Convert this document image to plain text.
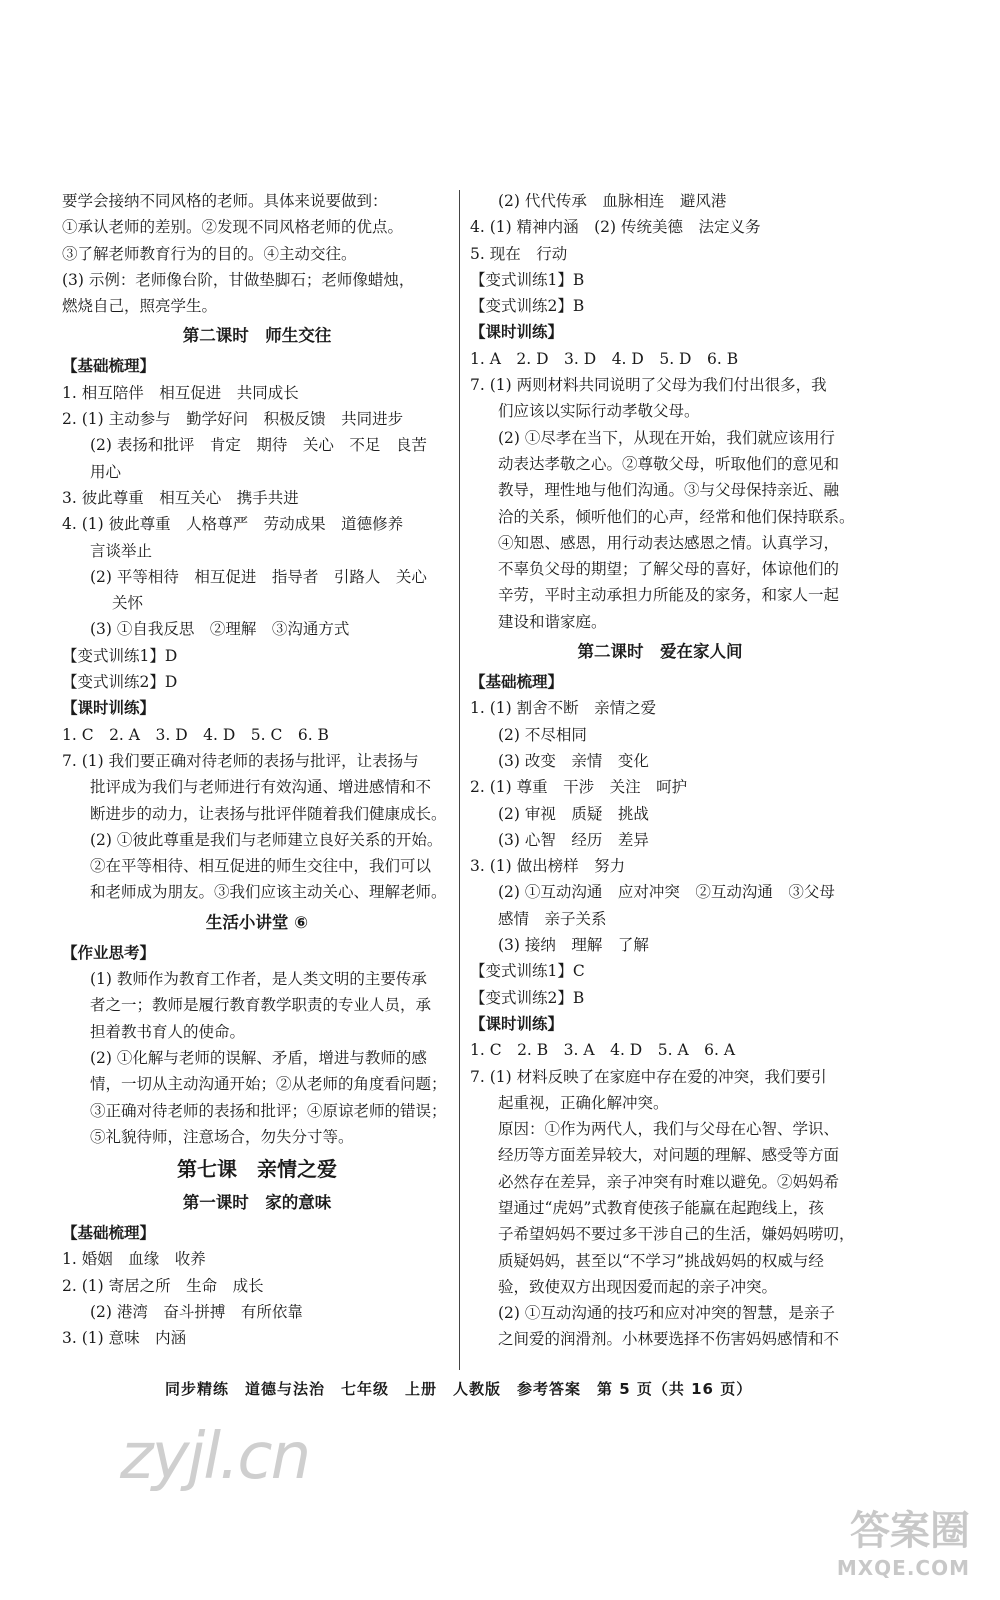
要学会接纳不同风格的老师。具体来说要做到：
①承认老师的差别。②发现不同风格老师的优点。
③了解老师教育行为的目的。④主动交往。
(3) 示例：老师像台阶，甘做垫脚石；老师像蜡烛，
燃烧自己，照亮学生。
第二课时　师生交往
【基础梳理】
1. 相互陪伴　相互促进　共同成长
2. (1) 主动参与　勤学好问　积极反馈　共同进步
(2) 表扬和批评　肯定　期待　关心　不足　良苦
用心
3. 彼此尊重　相互关心　携手共进
4. (1) 彼此尊重　人格尊严　劳动成果　道德修养
言谈举止
(2) 平等相待　相互促进　指导者　引路人　关心
关怀
(3) ①自我反思　②理解　③沟通方式
【变式训练1】D
【变式训练2】D
【课时训练】
1. C　2. A　3. D　4. D　5. C　6. B
7. (1) 我们要正确对待老师的表扬与批评，让表扬与
批评成为我们与老师进行有效沟通、增进感情和不
断进步的动力，让表扬与批评伴随着我们健康成长。
(2) ①彼此尊重是我们与老师建立良好关系的开始。
②在平等相待、相互促进的师生交往中，我们可以
和老师成为朋友。③我们应该主动关心、理解老师。
生活小讲堂 ⑥
【作业思考】
(1) 教师作为教育工作者，是人类文明的主要传承
者之一；教师是履行教育教学职责的专业人员，承
担着教书育人的使命。
(2) ①化解与老师的误解、矛盾，增进与教师的感
情，一切从主动沟通开始；②从老师的角度看问题；
③正确对待老师的表扬和批评；④原谅老师的错误；
⑤礼貌待师，注意场合，勿失分寸等。
第七课　亲情之爱
第一课时　家的意味
【基础梳理】
1. 婚姻　血缘　收养
2. (1) 寄居之所　生命　成长
(2) 港湾　奋斗拼搏　有所依靠
3. (1) 意味　内涵
(2) 代代传承　血脉相连　避风港
4. (1) 精神内涵　(2) 传统美德　法定义务
5. 现在　行动
【变式训练1】B
【变式训练2】B
【课时训练】
1. A　2. D　3. D　4. D　5. D　6. B
7. (1) 两则材料共同说明了父母为我们付出很多，我
们应该以实际行动孝敬父母。
(2) ①尽孝在当下，从现在开始，我们就应该用行
动表达孝敬之心。②尊敬父母，听取他们的意见和
教导，理性地与他们沟通。③与父母保持亲近、融
洽的关系，倾听他们的心声，经常和他们保持联系。
④知恩、感恩，用行动表达感恩之情。认真学习，
不辜负父母的期望；了解父母的喜好，体谅他们的
辛劳，平时主动承担力所能及的家务，和家人一起
建设和谐家庭。
第二课时　爱在家人间
【基础梳理】
1. (1) 割舍不断　亲情之爱
(2) 不尽相同
(3) 改变　亲情　变化
2. (1) 尊重　干涉　关注　呵护
(2) 审视　质疑　挑战
(3) 心智　经历　差异
3. (1) 做出榜样　努力
(2) ①互动沟通　应对冲突　②互动沟通　③父母
感情　亲子关系
(3) 接纳　理解　了解
【变式训练1】C
【变式训练2】B
【课时训练】
1. C　2. B　3. A　4. D　5. A　6. A
7. (1) 材料反映了在家庭中存在爱的冲突，我们要引
起重视，正确化解冲突。
原因：①作为两代人，我们与父母在心智、学识、
经历等方面差异较大，对问题的理解、感受等方面
必然存在差异，亲子冲突有时难以避免。②妈妈希
望通过“虎妈”式教育使孩子能赢在起跑线上，孩
子希望妈妈不要过多干涉自己的生活，嫌妈妈唠叨，
质疑妈妈，甚至以“不学习”挑战妈妈的权威与经
验，致使双方出现因爱而起的亲子冲突。
(2) ①互动沟通的技巧和应对冲突的智慧，是亲子
之间爱的润滑剂。小林要选择不伤害妈妈感情和不
同步精练　道德与法治　七年级　上册　人教版　参考答案　第 5 页（共 16 页）
zyjl.cn
答案圈
MXQE.COM
